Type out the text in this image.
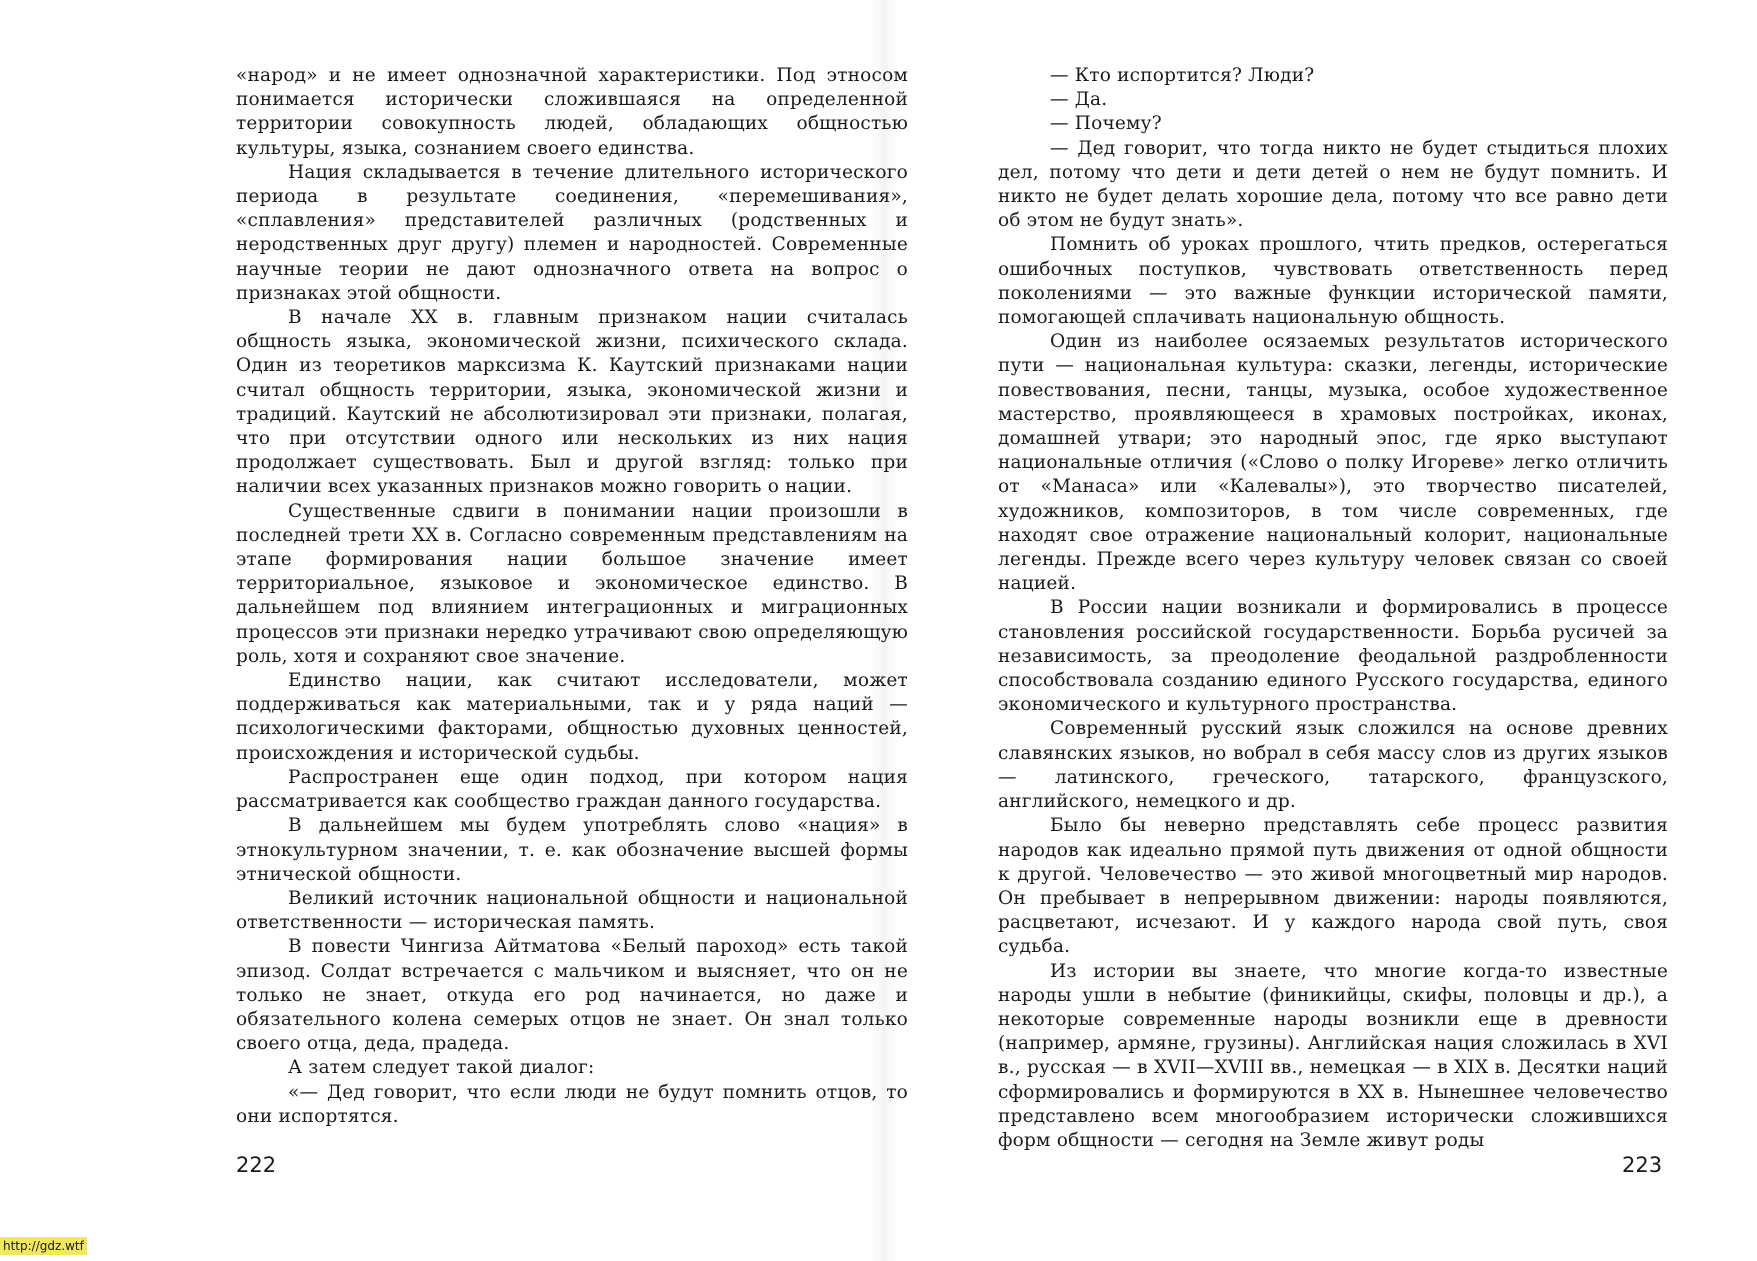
«народ» и не имеет однозначной характеристики. Под этносом понимается исторически сложившаяся на определенной территории совокупность людей, обладающих общностью культуры, языка, сознанием своего единства.

Нация складывается в течение длительного исторического периода в результате соединения, «перемешивания», «сплавления» представителей различных (родственных и неродственных друг другу) племен и народностей. Современные научные теории не дают однозначного ответа на вопрос о признаках этой общности.

В начале XX в. главным признаком нации считалась общность языка, экономической жизни, психического склада. Один из теоретиков марксизма К. Каутский признаками нации считал общность территории, языка, экономической жизни и традиций. Каутский не абсолютизировал эти признаки, полагая, что при отсутствии одного или нескольких из них нация продолжает существовать. Был и другой взгляд: только при наличии всех указанных признаков можно говорить о нации.

Существенные сдвиги в понимании нации произошли в последней трети XX в. Согласно современным представлениям на этапе формирования нации большое значение имеет территориальное, языковое и экономическое единство. В дальнейшем под влиянием интеграционных и миграционных процессов эти признаки нередко утрачивают свою определяющую роль, хотя и сохраняют свое значение.

Единство нации, как считают исследователи, может поддерживаться как материальными, так и у ряда наций — психологическими факторами, общностью духовных ценностей, происхождения и исторической судьбы.

Распространен еще один подход, при котором нация рассматривается как сообщество граждан данного государства.

В дальнейшем мы будем употреблять слово «нация» в этнокультурном значении, т. е. как обозначение высшей формы этнической общности.

Великий источник национальной общности и национальной ответственности — историческая память.

В повести Чингиза Айтматова «Белый пароход» есть такой эпизод. Солдат встречается с мальчиком и выясняет, что он не только не знает, откуда его род начинается, но даже и обязательного колена семерых отцов не знает. Он знал только своего отца, деда, прадеда.

А затем следует такой диалог:

«— Дед говорит, что если люди не будут помнить отцов, то они испортятся.

— Кто испортится? Люди?

— Да.

— Почему?

— Дед говорит, что тогда никто не будет стыдиться плохих дел, потому что дети и дети детей о нем не будут помнить. И никто не будет делать хорошие дела, потому что все равно дети об этом не будут знать».

Помнить об уроках прошлого, чтить предков, остерегаться ошибочных поступков, чувствовать ответственность перед поколениями — это важные функции исторической памяти, помогающей сплачивать национальную общность.

Один из наиболее осязаемых результатов исторического пути — национальная культура: сказки, легенды, исторические повествования, песни, танцы, музыка, особое художественное мастерство, проявляющееся в храмовых постройках, иконах, домашней утвари; это народный эпос, где ярко выступают национальные отличия («Слово о полку Игореве» легко отличить от «Манаса» или «Калевалы»), это творчество писателей, художников, композиторов, в том числе современных, где находят свое отражение национальный колорит, национальные легенды. Прежде всего через культуру человек связан со своей нацией.

В России нации возникали и формировались в процессе становления российской государственности. Борьба русичей за независимость, за преодоление феодальной раздробленности способствовала созданию единого Русского государства, единого экономического и культурного пространства.

Современный русский язык сложился на основе древних славянских языков, но вобрал в себя массу слов из других языков — латинского, греческого, татарского, французского, английского, немецкого и др.

Было бы неверно представлять себе процесс развития народов как идеально прямой путь движения от одной общности к другой. Человечество — это живой многоцветный мир народов. Он пребывает в непрерывном движении: народы появляются, расцветают, исчезают. И у каждого народа свой путь, своя судьба.

Из истории вы знаете, что многие когда-то известные народы ушли в небытие (финикийцы, скифы, половцы и др.), а некоторые современные народы возникли еще в древности (например, армяне, грузины). Английская нация сложилась в XVI в., русская — в XVII—XVIII вв., немецкая — в XIX в. Десятки наций сформировались и формируются в XX в. Нынешнее человечество представлено всем многообразием исторически сложившихся форм общности — сегодня на Земле живут роды

222	223
http://gdz.wtf
